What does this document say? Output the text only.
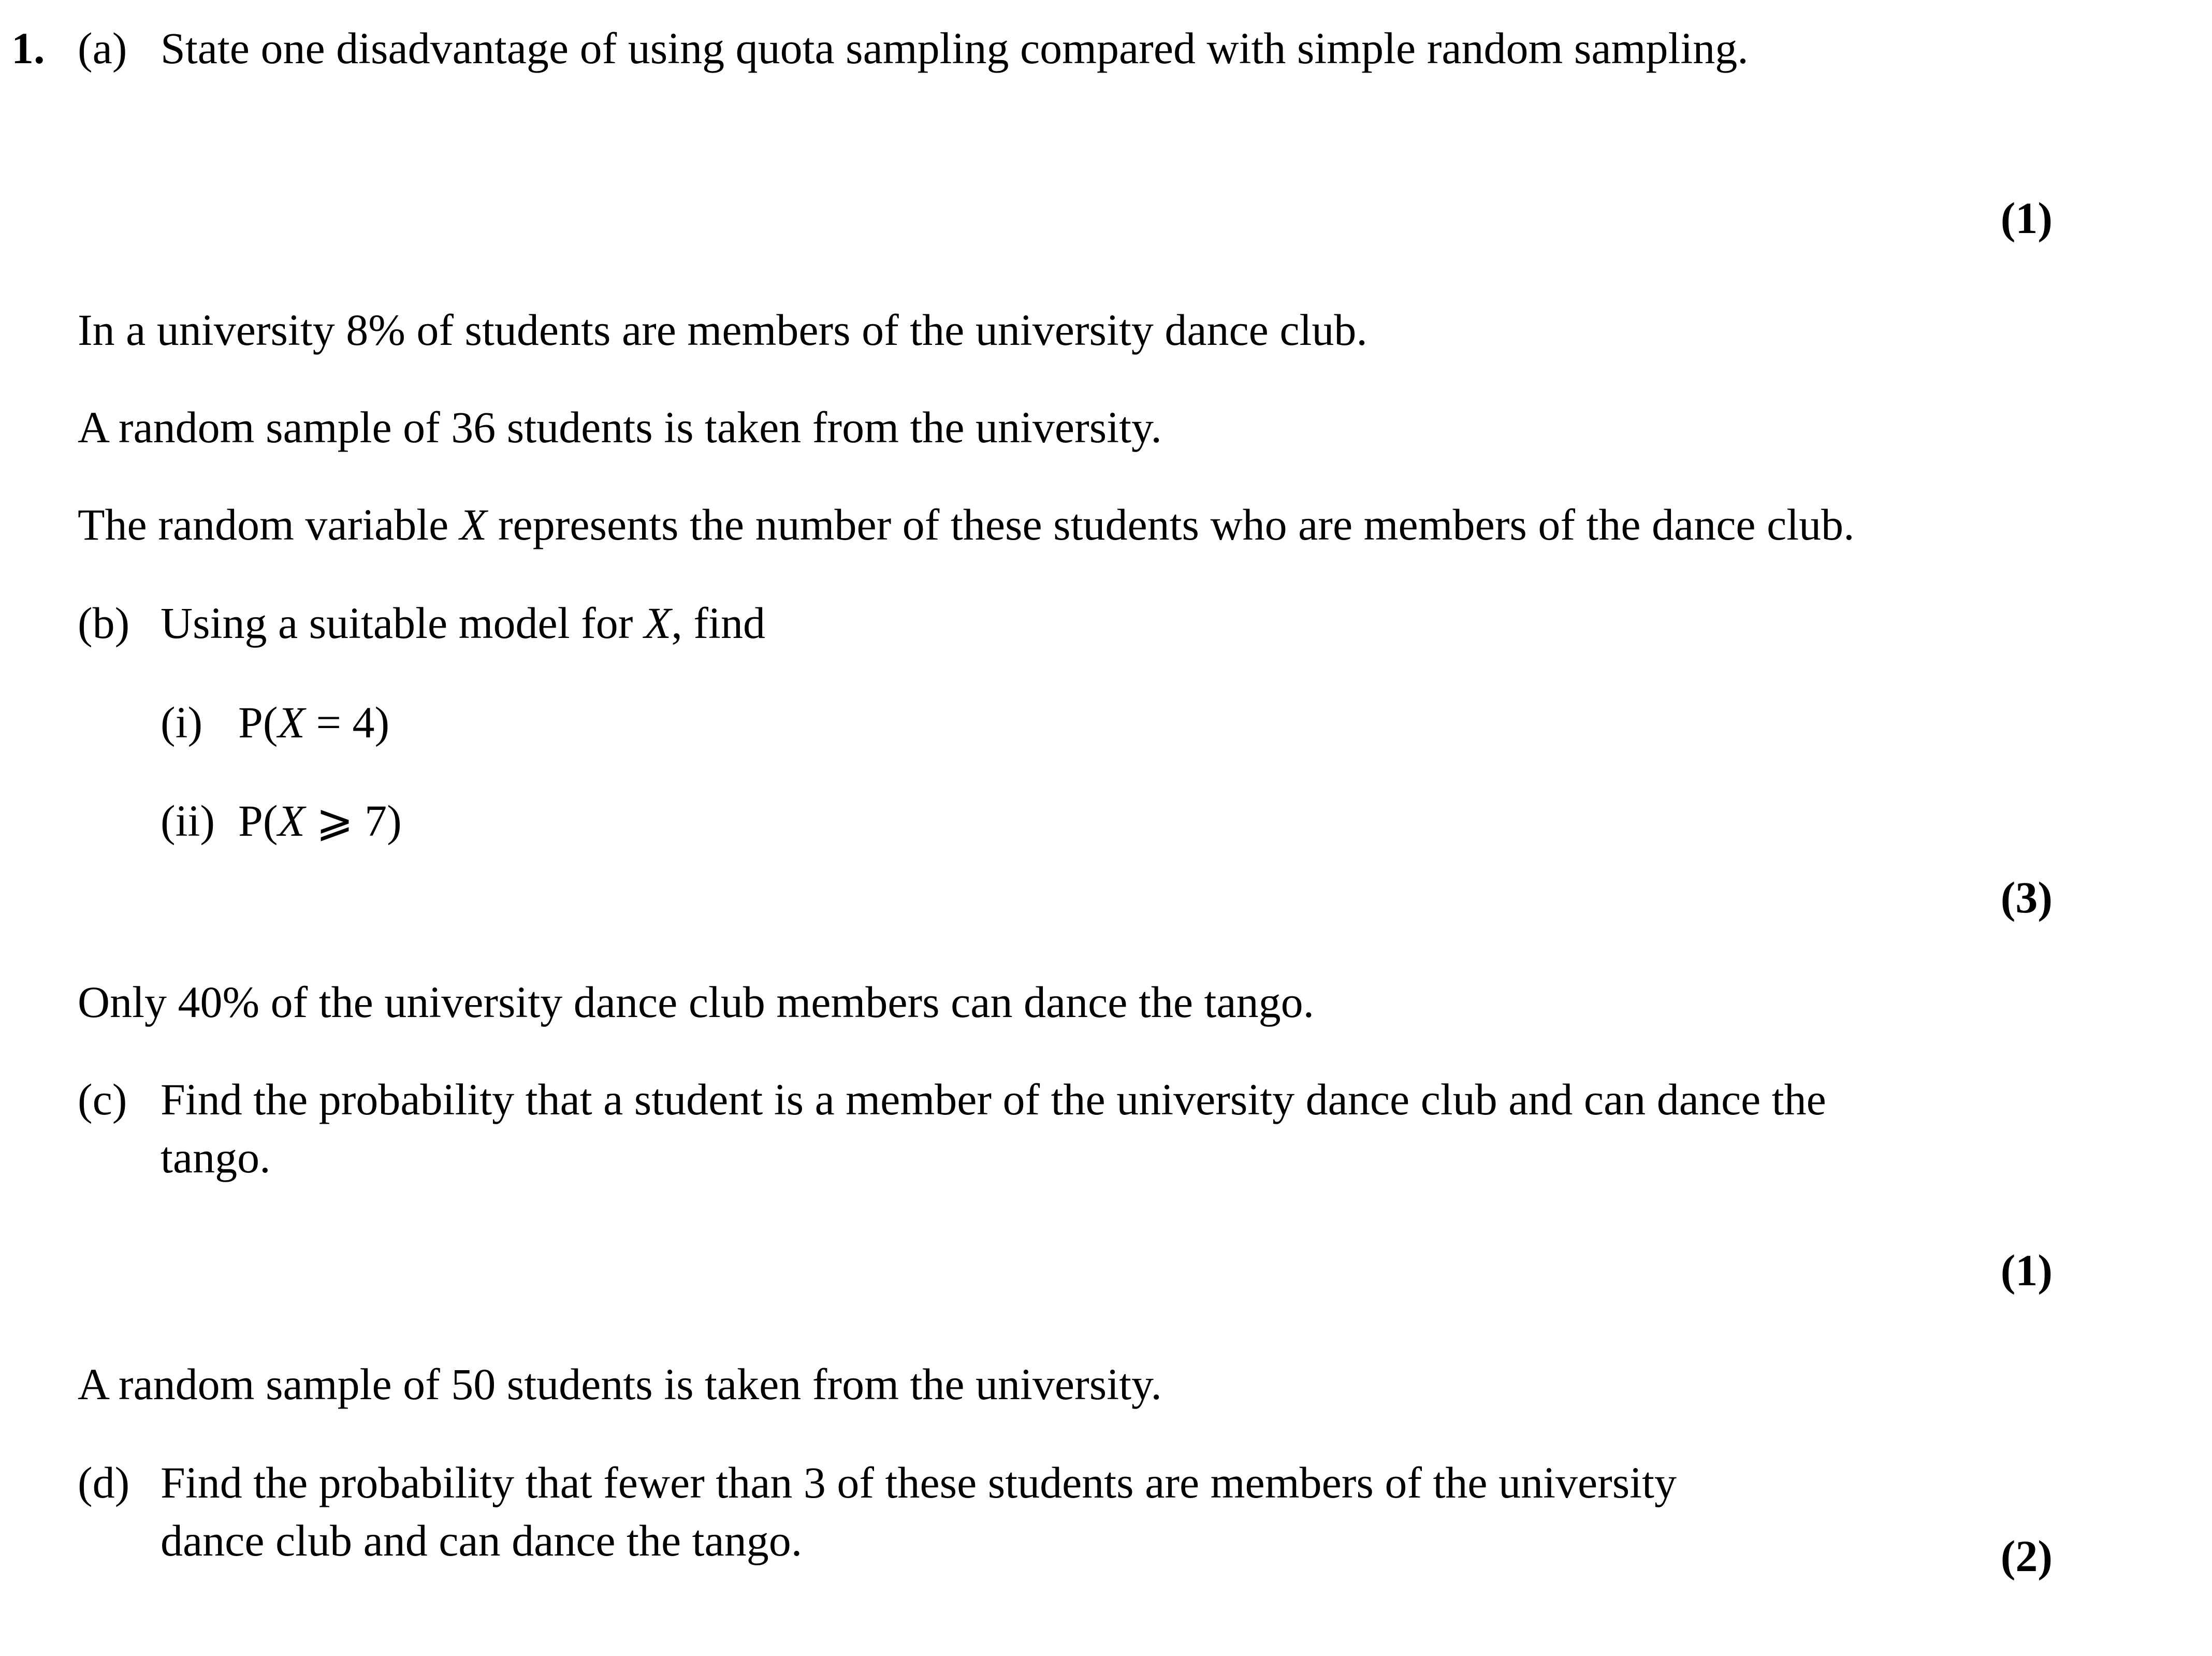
1. (a) State one disadvantage of using quota sampling compared with simple random sampling.
(1)
In a university 8% of students are members of the university dance club.
A random sample of 36 students is taken from the university.
The random variable X represents the number of these students who are members of the dance club.
(b) Using a suitable model for X, find
(i) P(X = 4)
(ii) P(X ⩾ 7)
(3)
Only 40% of the university dance club members can dance the tango.
(c) Find the probability that a student is a member of the university dance club and can dance the tango.
(1)
A random sample of 50 students is taken from the university.
(d) Find the probability that fewer than 3 of these students are members of the university dance club and can dance the tango.	(2)
